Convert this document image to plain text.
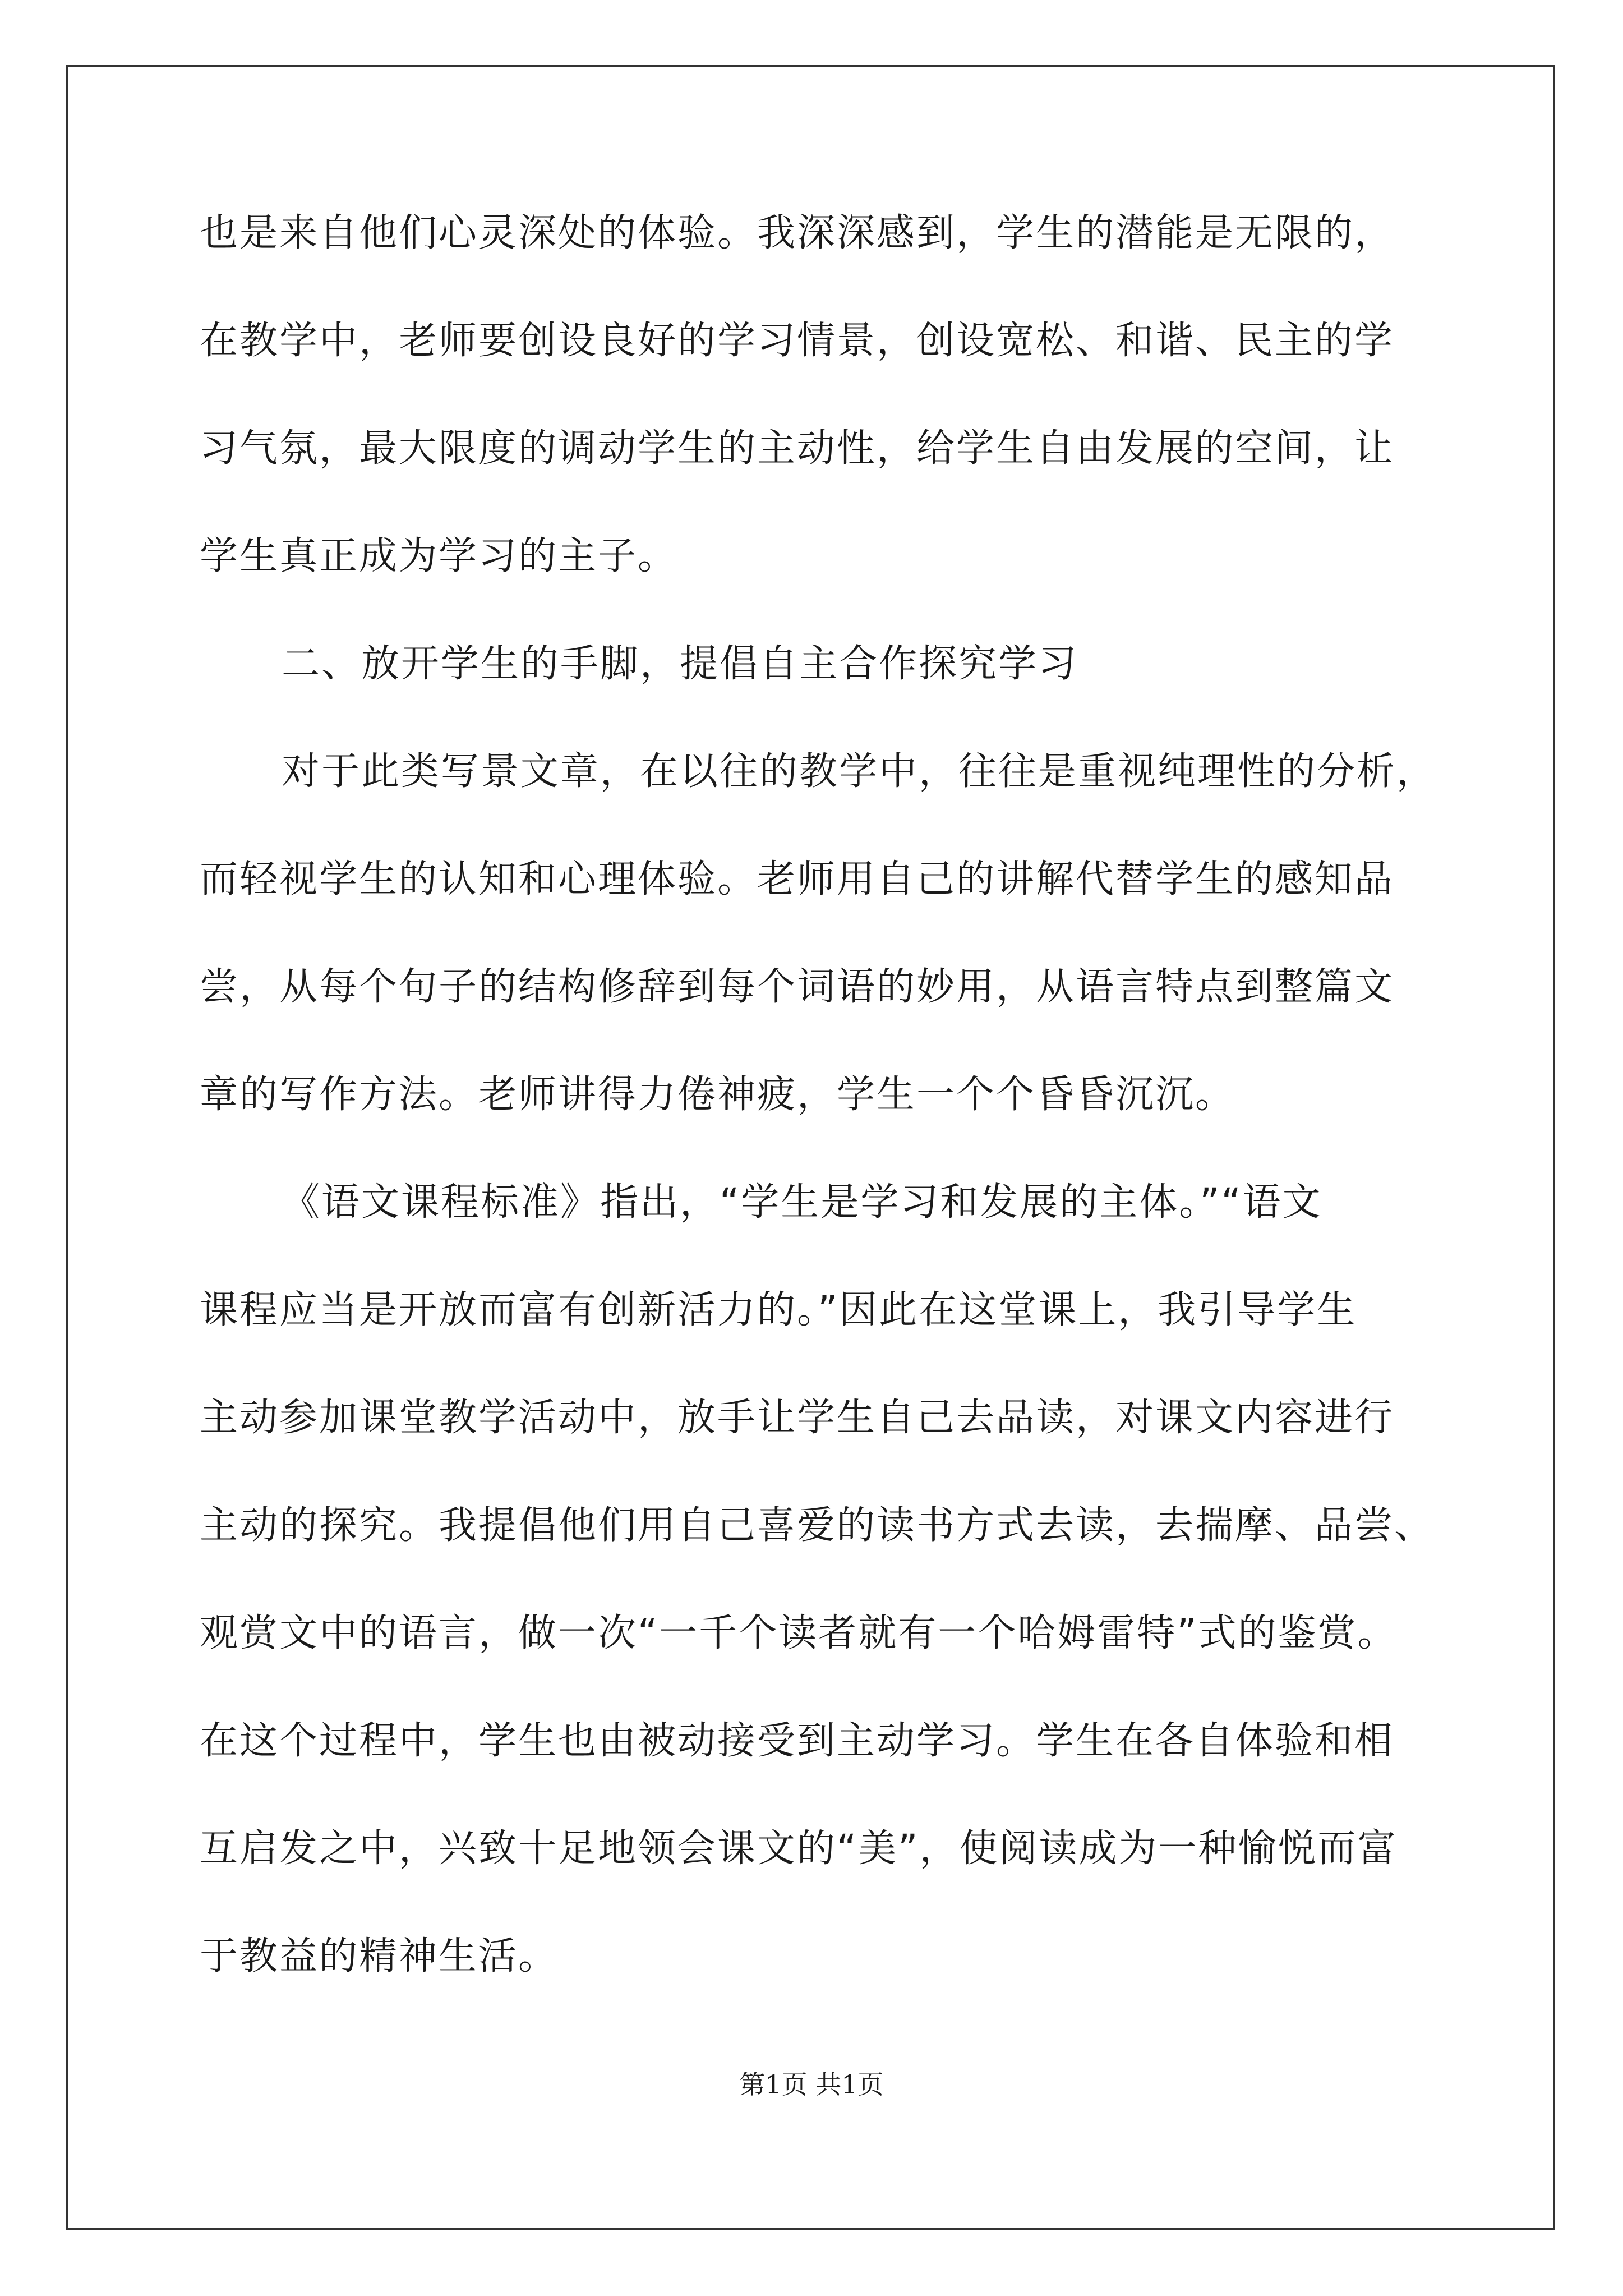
也是来自他们心灵深处的体验。我深深感到，学生的潜能是无限的，
在教学中，老师要创设良好的学习情景，创设宽松、和谐、民主的学
习气氛，最大限度的调动学生的主动性，给学生自由发展的空间，让
学生真正成为学习的主子。
二、放开学生的手脚，提倡自主合作探究学习
对于此类写景文章，在以往的教学中，往往是重视纯理性的分析，
而轻视学生的认知和心理体验。老师用自己的讲解代替学生的感知品
尝，从每个句子的结构修辞到每个词语的妙用，从语言特点到整篇文
章的写作方法。老师讲得力倦神疲，学生一个个昏昏沉沉。
《语文课程标准》指出，“学生是学习和发展的主体。”“语文
课程应当是开放而富有创新活力的。”因此在这堂课上，我引导学生
主动参加课堂教学活动中，放手让学生自己去品读，对课文内容进行
主动的探究。我提倡他们用自己喜爱的读书方式去读，去揣摩、品尝、
观赏文中的语言，做一次“一千个读者就有一个哈姆雷特”式的鉴赏。
在这个过程中，学生也由被动接受到主动学习。学生在各自体验和相
互启发之中，兴致十足地领会课文的“美”，使阅读成为一种愉悦而富
于教益的精神生活。
第1页 共1页
